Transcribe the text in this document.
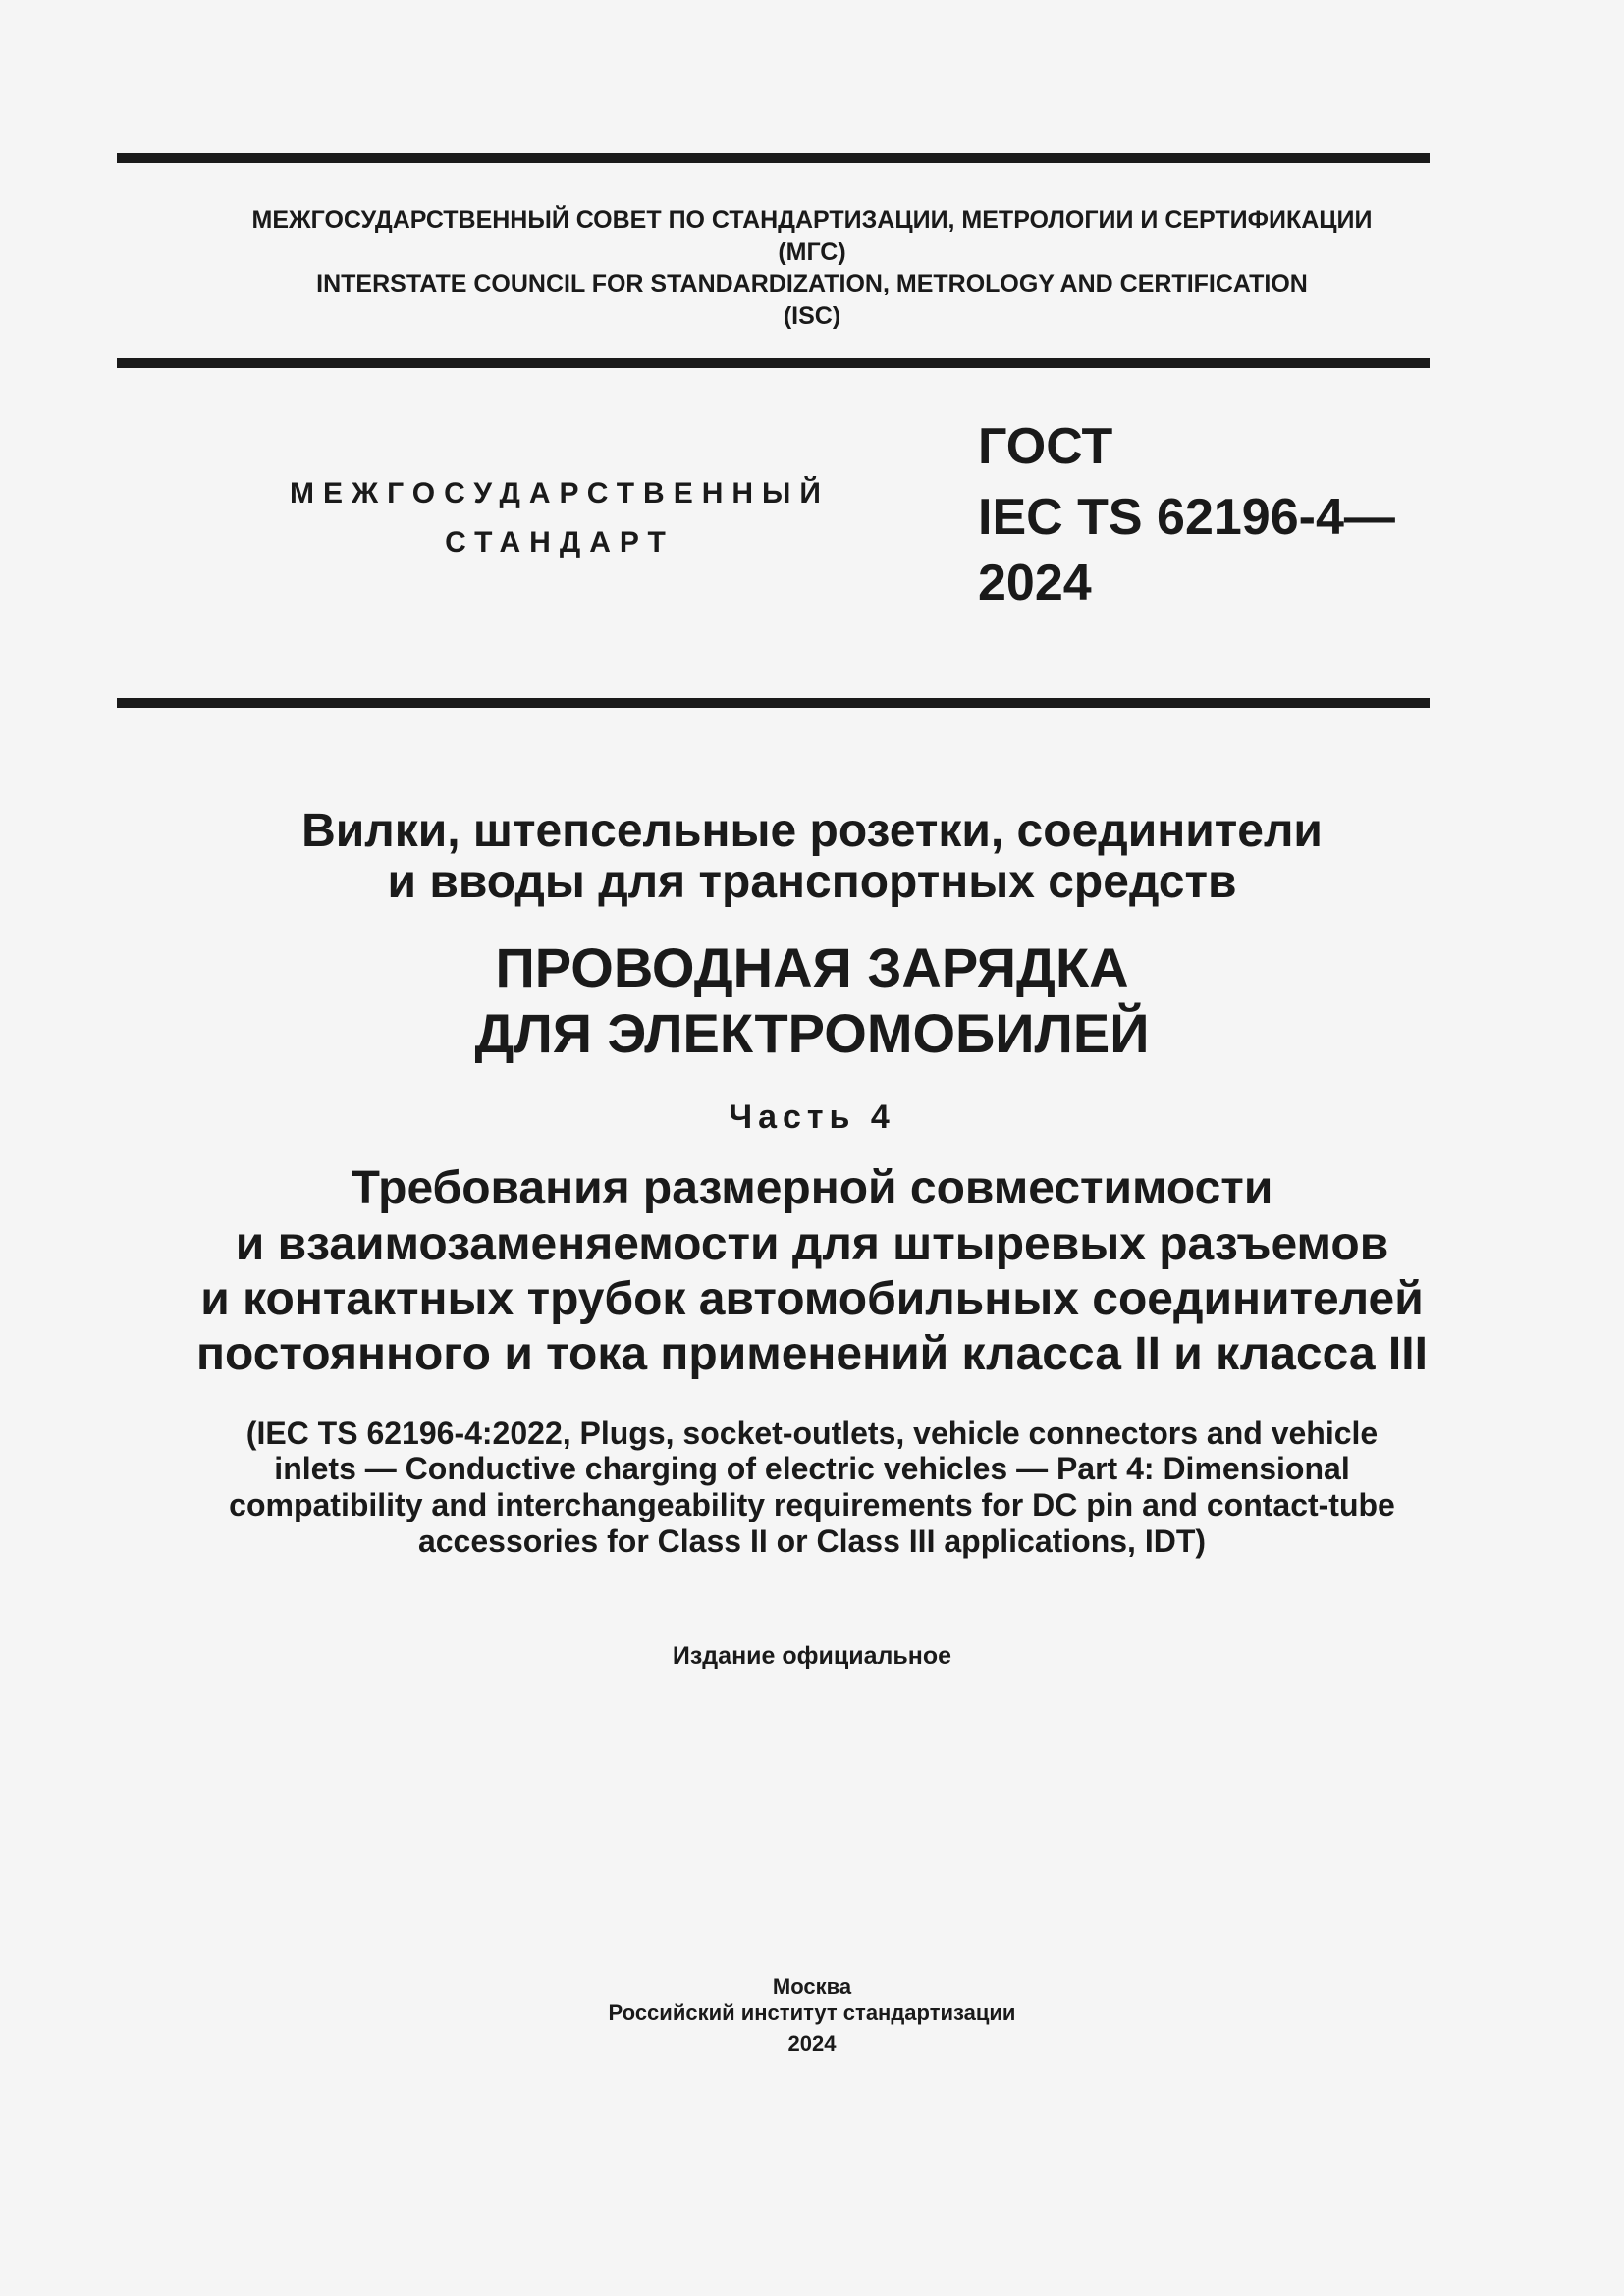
МЕЖГОСУДАРСТВЕННЫЙ СОВЕТ ПО СТАНДАРТИЗАЦИИ, МЕТРОЛОГИИ И СЕРТИФИКАЦИИ
(МГС)
INTERSTATE COUNCIL FOR STANDARDIZATION, METROLOGY AND CERTIFICATION
(ISC)
МЕЖГОСУДАРСТВЕННЫЙ
СТАНДАРТ
ГОСТ
IEC TS 62196-4—
2024
Вилки, штепсельные розетки, соединители
и вводы для транспортных средств
ПРОВОДНАЯ ЗАРЯДКА
ДЛЯ ЭЛЕКТРОМОБИЛЕЙ
Часть 4
Требования размерной совместимости
и взаимозаменяемости для штыревых разъемов
и контактных трубок автомобильных соединителей
постоянного и тока применений класса II и класса III
(IEC TS 62196-4:2022, Plugs, socket-outlets, vehicle connectors and vehicle
inlets — Conductive charging of electric vehicles — Part 4: Dimensional
compatibility and interchangeability requirements for DC pin and contact-tube
accessories for Class II or Class III applications, IDT)
Издание официальное
Москва
Российский институт стандартизации
2024
